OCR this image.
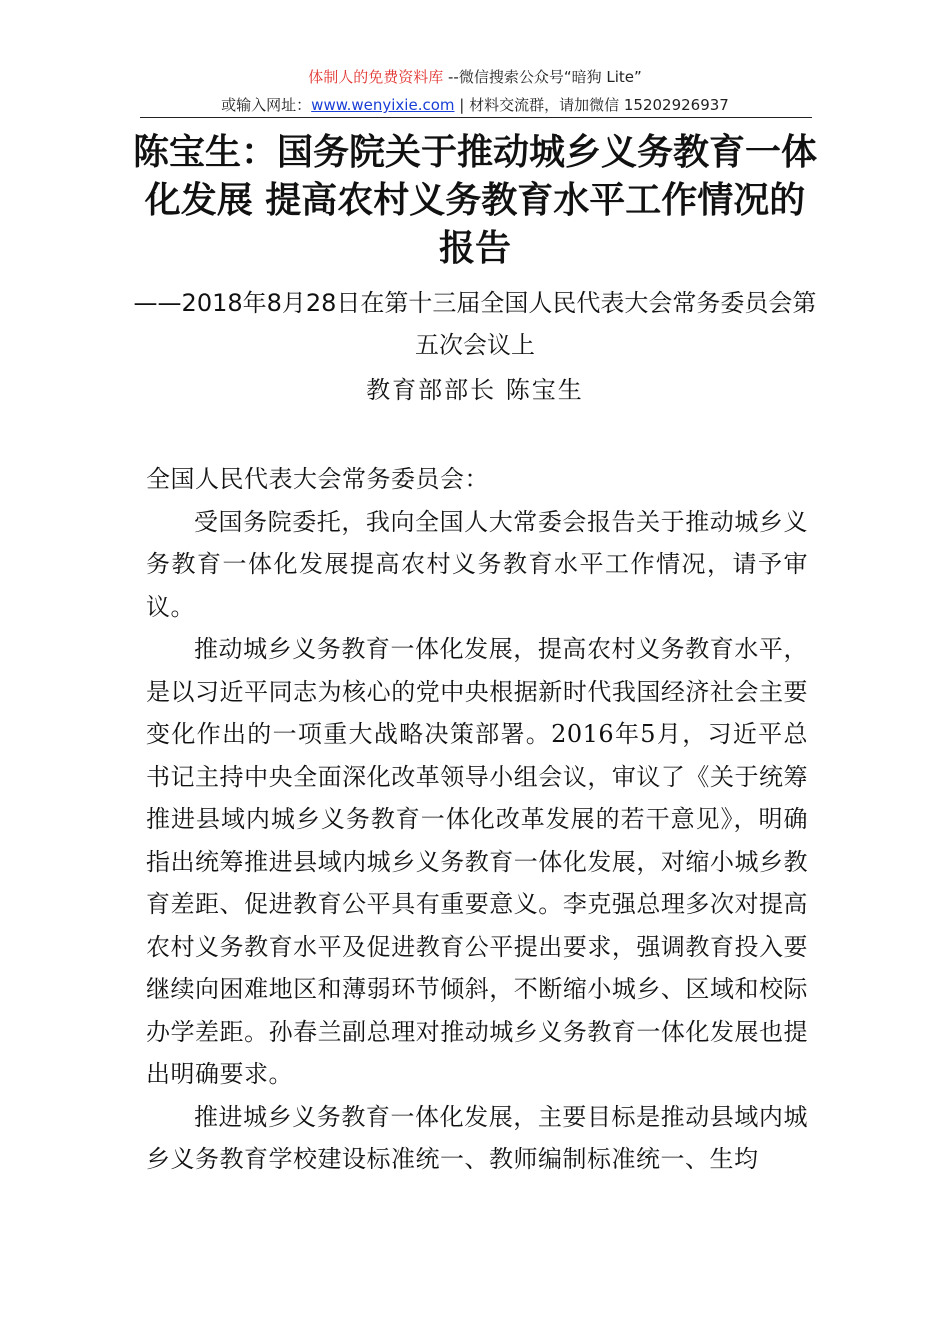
体制人的免费资料库 --微信搜索公众号“暗狗 Lite”
或输入网址：www.wenyixie.com | 材料交流群，请加微信 15202926937
陈宝生：国务院关于推动城乡义务教育一体化发展 提高农村义务教育水平工作情况的报告
——2018年8月28日在第十三届全国人民代表大会常务委员会第五次会议上
教育部部长 陈宝生

全国人民代表大会常务委员会：

受国务院委托，我向全国人大常委会报告关于推动城乡义务教育一体化发展提高农村义务教育水平工作情况，请予审议。

推动城乡义务教育一体化发展，提高农村义务教育水平，是以习近平同志为核心的党中央根据新时代我国经济社会主要变化作出的一项重大战略决策部署。2016年5月，习近平总书记主持中央全面深化改革领导小组会议，审议了《关于统筹推进县域内城乡义务教育一体化改革发展的若干意见》，明确指出统筹推进县域内城乡义务教育一体化发展，对缩小城乡教育差距、促进教育公平具有重要意义。李克强总理多次对提高农村义务教育水平及促进教育公平提出要求，强调教育投入要继续向困难地区和薄弱环节倾斜，不断缩小城乡、区域和校际办学差距。孙春兰副总理对推动城乡义务教育一体化发展也提出明确要求。

推进城乡义务教育一体化发展，主要目标是推动县域内城乡义务教育学校建设标准统一、教师编制标准统一、生均
